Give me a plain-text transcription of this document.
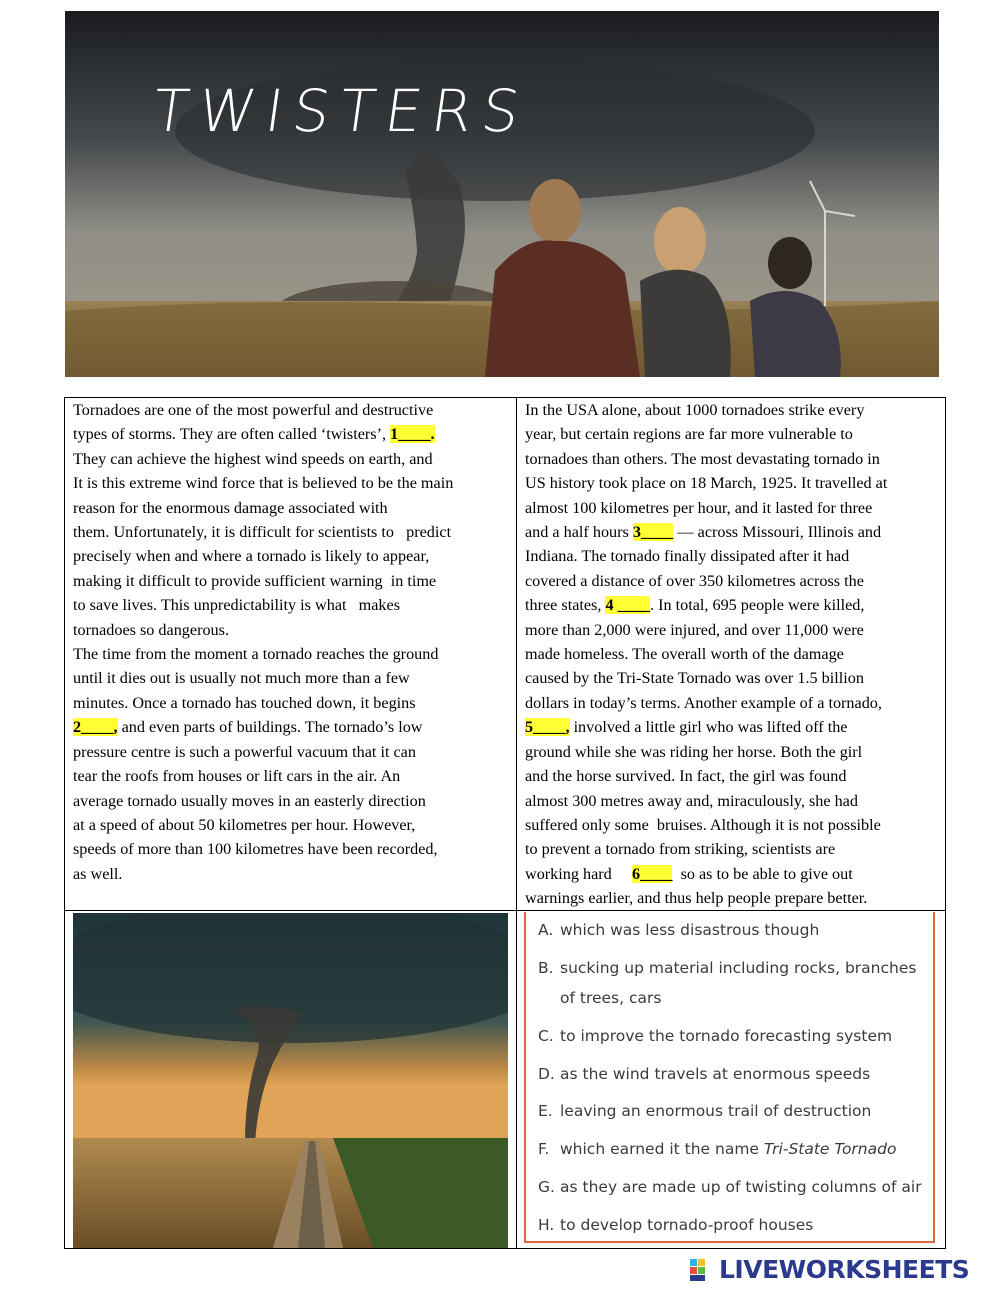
TWISTERS
Tornadoes are one of the most powerful and destructive
types of storms. They are often called ‘twisters’, 1____.
They can achieve the highest wind speeds on earth, and
It is this extreme wind force that is believed to be the main
reason for the enormous damage associated with
them. Unfortunately, it is difficult for scientists to   predict
precisely when and where a tornado is likely to appear,
making it difficult to provide sufficient warning  in time
to save lives. This unpredictability is what   makes
tornadoes so dangerous.
The time from the moment a tornado reaches the ground
until it dies out is usually not much more than a few
minutes. Once a tornado has touched down, it begins
2____, and even parts of buildings. The tornado’s low
pressure centre is such a powerful vacuum that it can
tear the roofs from houses or lift cars in the air. An
average tornado usually moves in an easterly direction
at a speed of about 50 kilometres per hour. However,
speeds of more than 100 kilometres have been recorded,
as well.
In the USA alone, about 1000 tornadoes strike every
year, but certain regions are far more vulnerable to
tornadoes than others. The most devastating tornado in
US history took place on 18 March, 1925. It travelled at
almost 100 kilometres per hour, and it lasted for three
and a half hours 3____ — across Missouri, Illinois and
Indiana. The tornado finally dissipated after it had
covered a distance of over 350 kilometres across the
three states, 4 ____. In total, 695 people were killed,
more than 2,000 were injured, and over 11,000 were
made homeless. The overall worth of the damage
caused by the Tri-State Tornado was over 1.5 billion
dollars in today’s terms. Another example of a tornado,
5____, involved a little girl who was lifted off the
ground while she was riding her horse. Both the girl
and the horse survived. In fact, the girl was found
almost 300 metres away and, miraculously, she had
suffered only some  bruises. Although it is not possible
to prevent a tornado from striking, scientists are
working hard     6____  so as to be able to give out
warnings earlier, and thus help people prepare better.
A. which was less disastrous though
B. sucking up material including rocks, branches
of trees, cars
C. to improve the tornado forecasting system
D. as the wind travels at enormous speeds
E. leaving an enormous trail of destruction
F. which earned it the name Tri-State Tornado
G. as they are made up of twisting columns of air
H. to develop tornado-proof houses
LIVEWORKSHEETS
